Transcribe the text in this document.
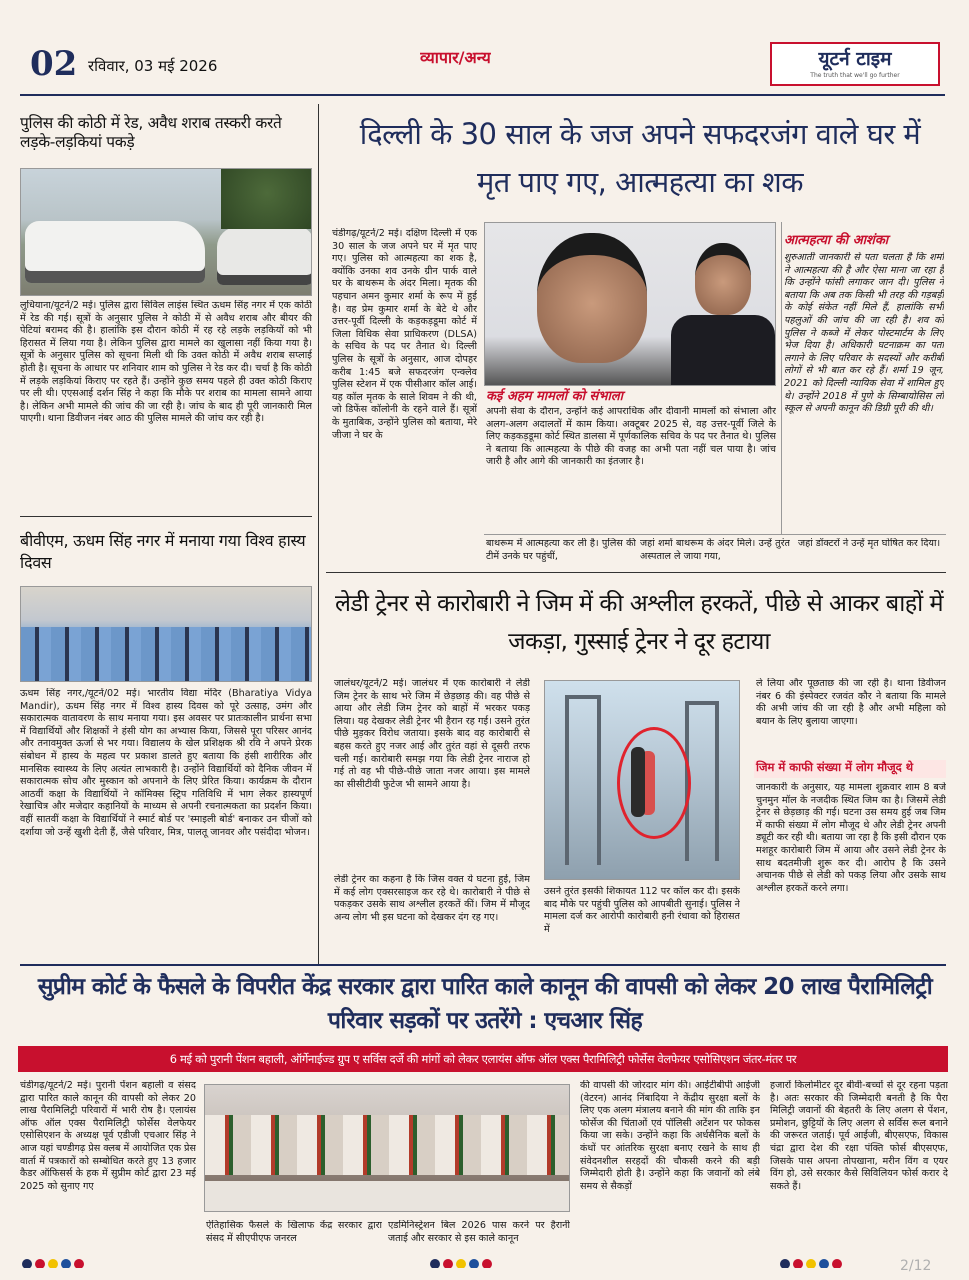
02 रविवार, 03 मई 2026	व्यापार/अन्य	यूटर्न टाइम
The truth that we'll go further
पुलिस की कोठी में रेड, अवैध शराब तस्करी करते लड़के-लड़कियां पकड़े
लुधियाना/यूटर्न/2 मई। पुलिस द्वारा सिविल लाइंस स्थित ऊधम सिंह नगर में एक कोठी में रेड की गई। सूत्रों के अनुसार पुलिस ने कोठी में से अवैध शराब और बीयर की पेटियां बरामद की है। हालांकि इस दौरान कोठी में रह रहे लड़के लड़कियों को भी हिरासत में लिया गया है। लेकिन पुलिस द्वारा मामले का खुलासा नहीं किया गया है। सूत्रों के अनुसार पुलिस को सूचना मिली थी कि उक्त कोठी में अवैध शराब सप्लाई होती है। सूचना के आधार पर शनिवार शाम को पुलिस ने रेड कर दी। चर्चा है कि कोठी में लड़के लड़कियां किराए पर रहते हैं। उन्होंने कुछ समय पहले ही उक्त कोठी किराए पर ली थी। एएसआई दर्शन सिंह ने कहा कि मौके पर शराब का मामला सामने आया है। लेकिन अभी मामले की जांच की जा रही है। जांच के बाद ही पूरी जानकारी मिल पाएगी। थाना डिवीजन नंबर आठ की पुलिस मामले की जांच कर रही है।
बीवीएम, ऊधम सिंह नगर में मनाया गया विश्व हास्य दिवस
ऊधम सिंह नगर,/यूटर्न/02 मई। भारतीय विद्या मंदिर (Bharatiya Vidya Mandir), ऊधम सिंह नगर में विश्व हास्य दिवस को पूरे उत्साह, उमंग और सकारात्मक वातावरण के साथ मनाया गया। इस अवसर पर प्रातःकालीन प्रार्थना सभा में विद्यार्थियों और शिक्षकों ने हंसी योग का अभ्यास किया, जिससे पूरा परिसर आनंद और तनावमुक्त ऊर्जा से भर गया। विद्यालय के खेल प्रशिक्षक श्री रवि ने अपने प्रेरक संबोधन में हास्य के महत्व पर प्रकाश डालते हुए बताया कि हंसी शारीरिक और मानसिक स्वास्थ्य के लिए अत्यंत लाभकारी है। उन्होंने विद्यार्थियों को दैनिक जीवन में सकारात्मक सोच और मुस्कान को अपनाने के लिए प्रेरित किया। कार्यक्रम के दौरान आठवीं कक्षा के विद्यार्थियों ने कॉमिक्स स्ट्रिप गतिविधि में भाग लेकर हास्यपूर्ण रेखाचित्र और मजेदार कहानियों के माध्यम से अपनी रचनात्मकता का प्रदर्शन किया। वहीं सातवीं कक्षा के विद्यार्थियों ने स्मार्ट बोर्ड पर 'स्माइली बोर्ड' बनाकर उन चीजों को दर्शाया जो उन्हें खुशी देती हैं, जैसे परिवार, मित्र, पालतू जानवर और पसंदीदा भोजन।
दिल्ली के 30 साल के जज अपने सफदरजंग वाले घर में मृत पाए गए, आत्महत्या का शक
चंडीगढ़/यूटर्न/2 मई। दक्षिण दिल्ली में एक 30 साल के जज अपने घर में मृत पाए गए। पुलिस को आत्महत्या का शक है, क्योंकि उनका शव उनके ग्रीन पार्क वाले घर के बाथरूम के अंदर मिला। मृतक की पहचान अमन कुमार शर्मा के रूप में हुई है। वह प्रेम कुमार शर्मा के बेटे थे और उत्तर-पूर्वी दिल्ली के कड़कड़डूमा कोर्ट में जिला विधिक सेवा प्राधिकरण (DLSA) के सचिव के पद पर तैनात थे। दिल्ली पुलिस के सूत्रों के अनुसार, आज दोपहर करीब 1:45 बजे सफदरजंग एन्क्लेव पुलिस स्टेशन में एक पीसीआर कॉल आई। यह कॉल मृतक के साले शिवम ने की थी, जो डिफेंस कॉलोनी के रहने वाले हैं। सूत्रों के मुताबिक, उन्होंने पुलिस को बताया, मेरे जीजा ने घर के
कई अहम मामलों को संभाला
अपनी सेवा के दौरान, उन्होंने कई आपराधिक और दीवानी मामलों को संभाला और अलग-अलग अदालतों में काम किया। अक्टूबर 2025 से, वह उत्तर-पूर्वी जिले के लिए कड़कड़डूमा कोर्ट स्थित डालसा में पूर्णकालिक सचिव के पद पर तैनात थे। पुलिस ने बताया कि आत्महत्या के पीछे की वजह का अभी पता नहीं चल पाया है। जांच जारी है और आगे की जानकारी का इंतजार है।
आत्महत्या की आशंका
शुरुआती जानकारी से पता चलता है कि शर्मा ने आत्महत्या की है और ऐसा माना जा रहा है कि उन्होंने फांसी लगाकर जान दी। पुलिस ने बताया कि अब तक किसी भी तरह की गड़बड़ी के कोई संकेत नहीं मिले हैं, हालांकि सभी पहलुओं की जांच की जा रही है। शव को पुलिस ने कब्जे में लेकर पोस्टमार्टम के लिए भेज दिया है। अधिकारी घटनाक्रम का पता लगाने के लिए परिवार के सदस्यों और करीबी लोगों से भी बात कर रहे हैं। शर्मा 19 जून, 2021 को दिल्ली न्यायिक सेवा में शामिल हुए थे। उन्होंने 2018 में पुणे के सिम्बायोसिस लॉ स्कूल से अपनी कानून की डिग्री पूरी की थी।
बाथरूम में आत्महत्या कर ली है। पुलिस की टीमें उनके घर पहुंचीं,
जहां शर्मा बाथरूम के अंदर मिले। उन्हें तुरंत अस्पताल ले जाया गया,
जहां डॉक्टरों ने उन्हें मृत घोषित कर दिया।
लेडी ट्रेनर से कारोबारी ने जिम में की अश्लील हरकतें, पीछे से आकर बाहों में जकड़ा, गुस्साई ट्रेनर ने दूर हटाया
जालंधर/यूटर्न/2 मई। जालंधर में एक कारोबारी ने लेडी जिम ट्रेनर के साथ भरे जिम में छेड़छाड़ की। वह पीछे से आया और लेडी जिम ट्रेनर को बाहों में भरकर पकड़ लिया। यह देखकर लेडी ट्रेनर भी हैरान रह गई। उसने तुरंत पीछे मुड़कर विरोध जताया। इसके बाद वह कारोबारी से बहस करते हुए नजर आई और तुरंत वहां से दूसरी तरफ चली गई। कारोबारी समझ गया कि लेडी ट्रेनर नाराज हो गई तो वह भी पीछे-पीछे जाता नजर आया। इस मामले का सीसीटीवी फुटेज भी सामने आया है।
लेडी ट्रेनर का कहना है कि जिस वक्त ये घटना हुई, जिम में कई लोग एक्सरसाइज कर रहे थे। कारोबारी ने पीछे से पकड़कर उसके साथ अश्लील हरकतें कीं। जिम में मौजूद अन्य लोग भी इस घटना को देखकर दंग रह गए।
उसने तुरंत इसकी शिकायत 112 पर कॉल कर दी। इसके बाद मौके पर पहुंची पुलिस को आपबीती सुनाई। पुलिस ने मामला दर्ज कर आरोपी कारोबारी हनी रंधावा को हिरासत में
ले लिया और पूछताछ की जा रही है। थाना डिवीजन नंबर 6 की इंस्पेक्टर रजवंत कौर ने बताया कि मामले की अभी जांच की जा रही है और अभी महिला को बयान के लिए बुलाया जाएगा।
जिम में काफी संख्या में लोग मौजूद थे
जानकारी के अनुसार, यह मामला शुक्रवार शाम 8 बजे चुनमुन मॉल के नजदीक स्थित जिम का है। जिसमें लेडी ट्रेनर से छेड़छाड़ की गई। घटना उस समय हुई जब जिम में काफी संख्या में लोग मौजूद थे और लेडी ट्रेनर अपनी ड्यूटी कर रही थी। बताया जा रहा है कि इसी दौरान एक मशहूर कारोबारी जिम में आया और उसने लेडी ट्रेनर के साथ बदतमीजी शुरू कर दी। आरोप है कि उसने अचानक पीछे से लेडी को पकड़ लिया और उसके साथ अश्लील हरकतें करने लगा।
सुप्रीम कोर्ट के फैसले के विपरीत केंद्र सरकार द्वारा पारित काले कानून की वापसी को लेकर 20 लाख पैरामिलिट्री परिवार सड़कों पर उतरेंगे : एचआर सिंह
6 मई को पुरानी पेंशन बहाली, ऑर्गेनाईज्ड ग्रुप ए सर्विस दर्जे की मांगों को लेकर एलायंस ऑफ ऑल एक्स पैरामिलिट्री फोर्सेस वेलफेयर एसोसिएशन जंतर-मंतर पर
चंडीगढ़/यूटर्न/2 मई। पुरानी पेंशन बहाली व संसद द्वारा पारित काले कानून की वापसी को लेकर 20 लाख पैरामिलिट्री परिवारों में भारी रोष है। एलायंस ऑफ ऑल एक्स पैरामिलिट्री फोर्सेस वेलफेयर एसोसिएशन के अध्यक्ष पूर्व एडीजी एचआर सिंह ने आज यहां चण्डीगढ़ प्रेस क्लब में आयोजित एक प्रेस वार्ता में पत्रकारों को सम्बोधित करते हुए 13 हजार कैडर ऑफिसर्स के हक में सुप्रीम कोर्ट द्वारा 23 मई 2025 को सुनाए गए
ऐतिहासिक फैसले के खिलाफ केंद्र सरकार द्वारा संसद में सीएपीएफ जनरल
एडमिनिस्ट्रेशन बिल 2026 पास करने पर हैरानी जताई और सरकार से इस काले कानून
की वापसी की जोरदार मांग की। आईटीबीपी आईजी (वेटरन) आनंद निंबादिया ने केंद्रीय सुरक्षा बलों के लिए एक अलग मंत्रालय बनाने की मांग की ताकि इन फोर्सेज की चिंताओं एवं पॉलिसी अटेंशन पर फोकस किया जा सके। उन्होंने कहा कि अर्धसैनिक बलों के कंधों पर आंतरिक सुरक्षा बनाए रखने के साथ ही संवेदनशील सरहदों की चौकसी करने की बड़ी जिम्मेदारी होती है। उन्होंने कहा कि जवानों को लंबे समय से सैकड़ों
हजारों किलोमीटर दूर बीवी-बच्चों से दूर रहना पड़ता है। अतः सरकार की जिम्मेदारी बनती है कि पैरा मिलिट्री जवानों की बेहतरी के लिए अलग से पेंशन, प्रमोशन, छुट्टियों के लिए अलग से सर्विस रूल बनाने की जरूरत जताई। पूर्व आईजी, बीएसएफ, विकास चंद्रा द्वारा देश की रक्षा पंक्ति फोर्स बीएसएफ, जिसके पास अपना तोपखाना, मरीन विंग व एयर विंग हो, उसे सरकार कैसे सिविलियन फोर्स करार दे सकते हैं।
2/12
